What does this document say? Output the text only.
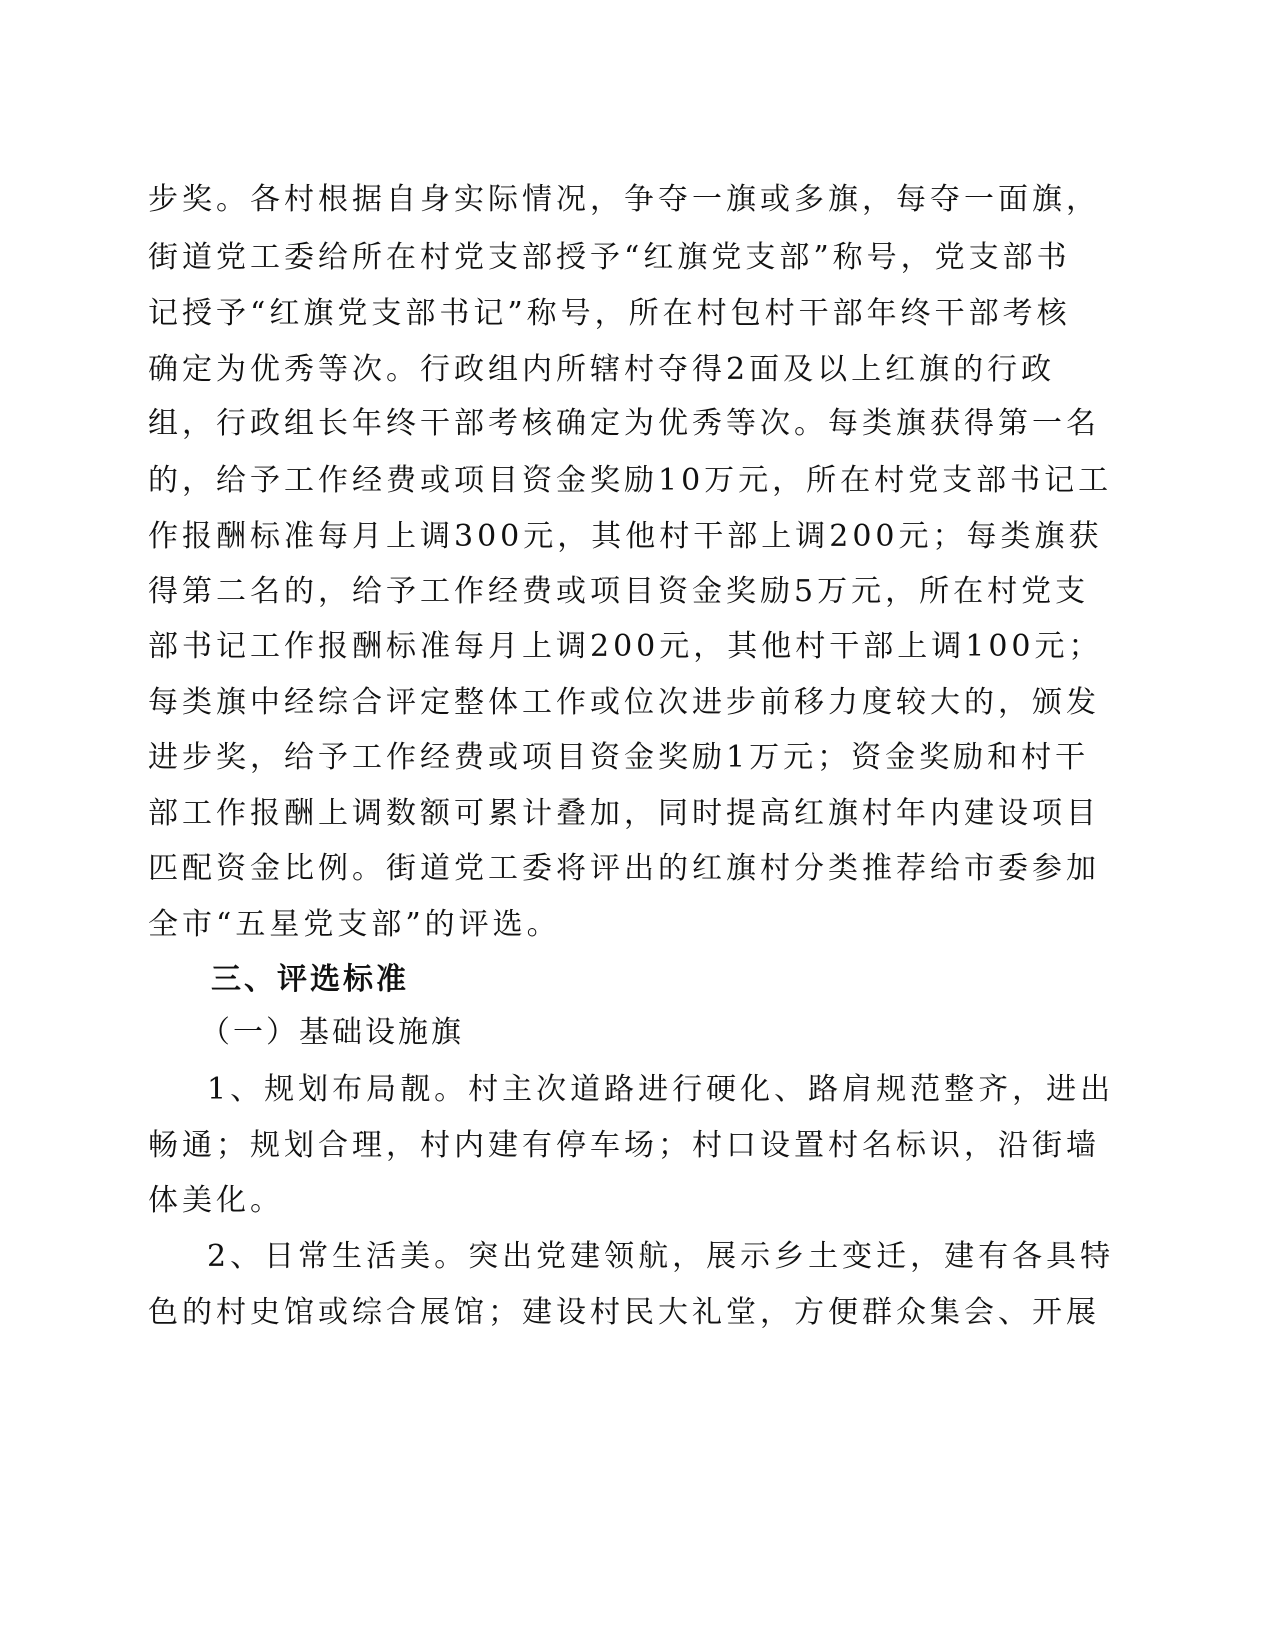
步奖。各村根据自身实际情况，争夺一旗或多旗，每夺一面旗，
街道党工委给所在村党支部授予“红旗党支部”称号，党支部书
记授予“红旗党支部书记”称号，所在村包村干部年终干部考核
确定为优秀等次。行政组内所辖村夺得2面及以上红旗的行政
组，行政组长年终干部考核确定为优秀等次。每类旗获得第一名
的，给予工作经费或项目资金奖励10万元，所在村党支部书记工
作报酬标准每月上调300元，其他村干部上调200元；每类旗获
得第二名的，给予工作经费或项目资金奖励5万元，所在村党支
部书记工作报酬标准每月上调200元，其他村干部上调100元；
每类旗中经综合评定整体工作或位次进步前移力度较大的，颁发
进步奖，给予工作经费或项目资金奖励1万元；资金奖励和村干
部工作报酬上调数额可累计叠加，同时提高红旗村年内建设项目
匹配资金比例。街道党工委将评出的红旗村分类推荐给市委参加
全市“五星党支部”的评选。
三、评选标准
（一）基础设施旗
1、规划布局靓。村主次道路进行硬化、路肩规范整齐，进出
畅通；规划合理，村内建有停车场；村口设置村名标识，沿街墙
体美化。
2、日常生活美。突出党建领航，展示乡土变迁，建有各具特
色的村史馆或综合展馆；建设村民大礼堂，方便群众集会、开展
